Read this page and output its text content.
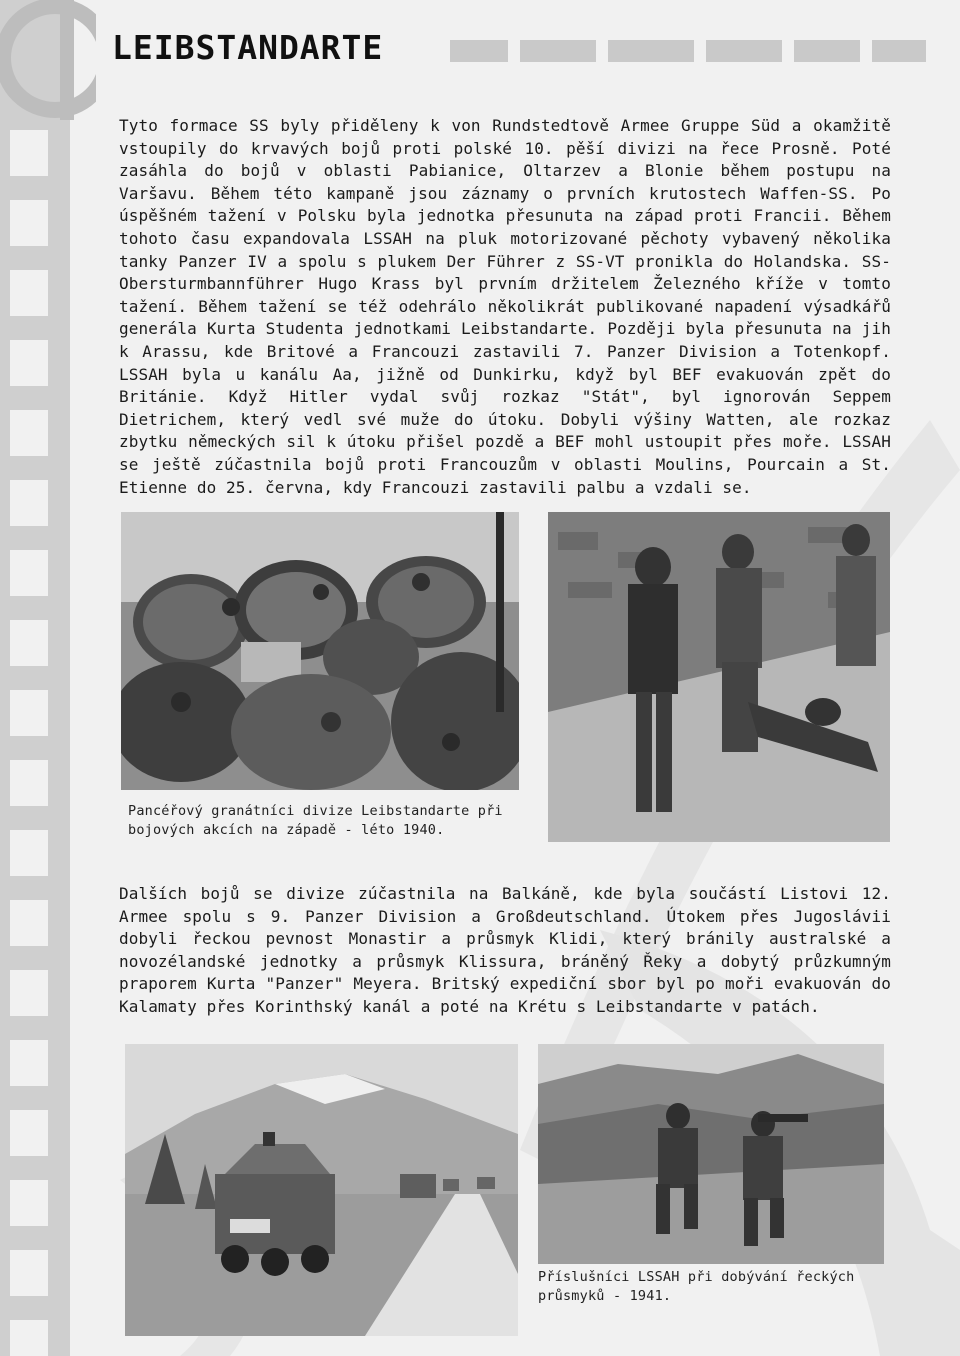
LEIBSTANDARTE

Tyto formace SS byly přiděleny k von Rundstedtově Armee Gruppe Süd a okamžitě vstoupily do krvavých bojů proti polské 10. pěší divizi na řece Prosně. Poté zasáhla do bojů v oblasti Pabianice, Oltarzev a Blonie během postupu na Varšavu. Během této kampaně jsou záznamy o prvních krutostech Waffen-SS. Po úspěšném tažení v Polsku byla jednotka přesunuta na západ proti Francii. Během tohoto času expandovala LSSAH na pluk motorizované pěchoty vybavený několika tanky Panzer IV a spolu s plukem Der Führer z SS-VT pronikla do Holandska. SS-Obersturmbannführer Hugo Krass byl prvním držitelem Železného kříže v tomto tažení. Během tažení se též odehrálo několikrát publikované napadení výsadkářů generála Kurta Studenta jednotkami Leibstandarte. Později byla přesunuta na jih k Arassu, kde Britové a Francouzi zastavili 7. Panzer Division a Totenkopf. LSSAH byla u kanálu Aa, jižně od Dunkirku, když byl BEF evakuován zpět do Británie. Když Hitler vydal svůj rozkaz "Stát", byl ignorován Seppem Dietrichem, který vedl své muže do útoku. Dobyli výšiny Watten, ale rozkaz zbytku německých sil k útoku přišel pozdě a BEF mohl ustoupit přes moře. LSSAH se ještě zúčastnila bojů proti Francouzům v oblasti Moulins, Pourcain a St. Etienne do 25. června, kdy Francouzi zastavili palbu a vzdali se.

Pancéřový granátníci divize Leibstandarte při bojových akcích na západě - léto 1940.

Dalších bojů se divize zúčastnila na Balkáně, kde byla součástí Listovi 12. Armee spolu s 9. Panzer Division a Großdeutschland. Útokem přes Jugoslávii dobyli řeckou pevnost Monastir a průsmyk Klidi, který bránily australské a novozélandské jednotky a průsmyk Klissura, bráněný Řeky a dobytý průzkumným praporem Kurta "Panzer" Meyera. Britský expediční sbor byl po moři evakuován do Kalamaty přes Korinthský kanál a poté na Krétu s Leibstandarte v patách.

Příslušníci LSSAH při dobývání řeckých průsmyků - 1941.
